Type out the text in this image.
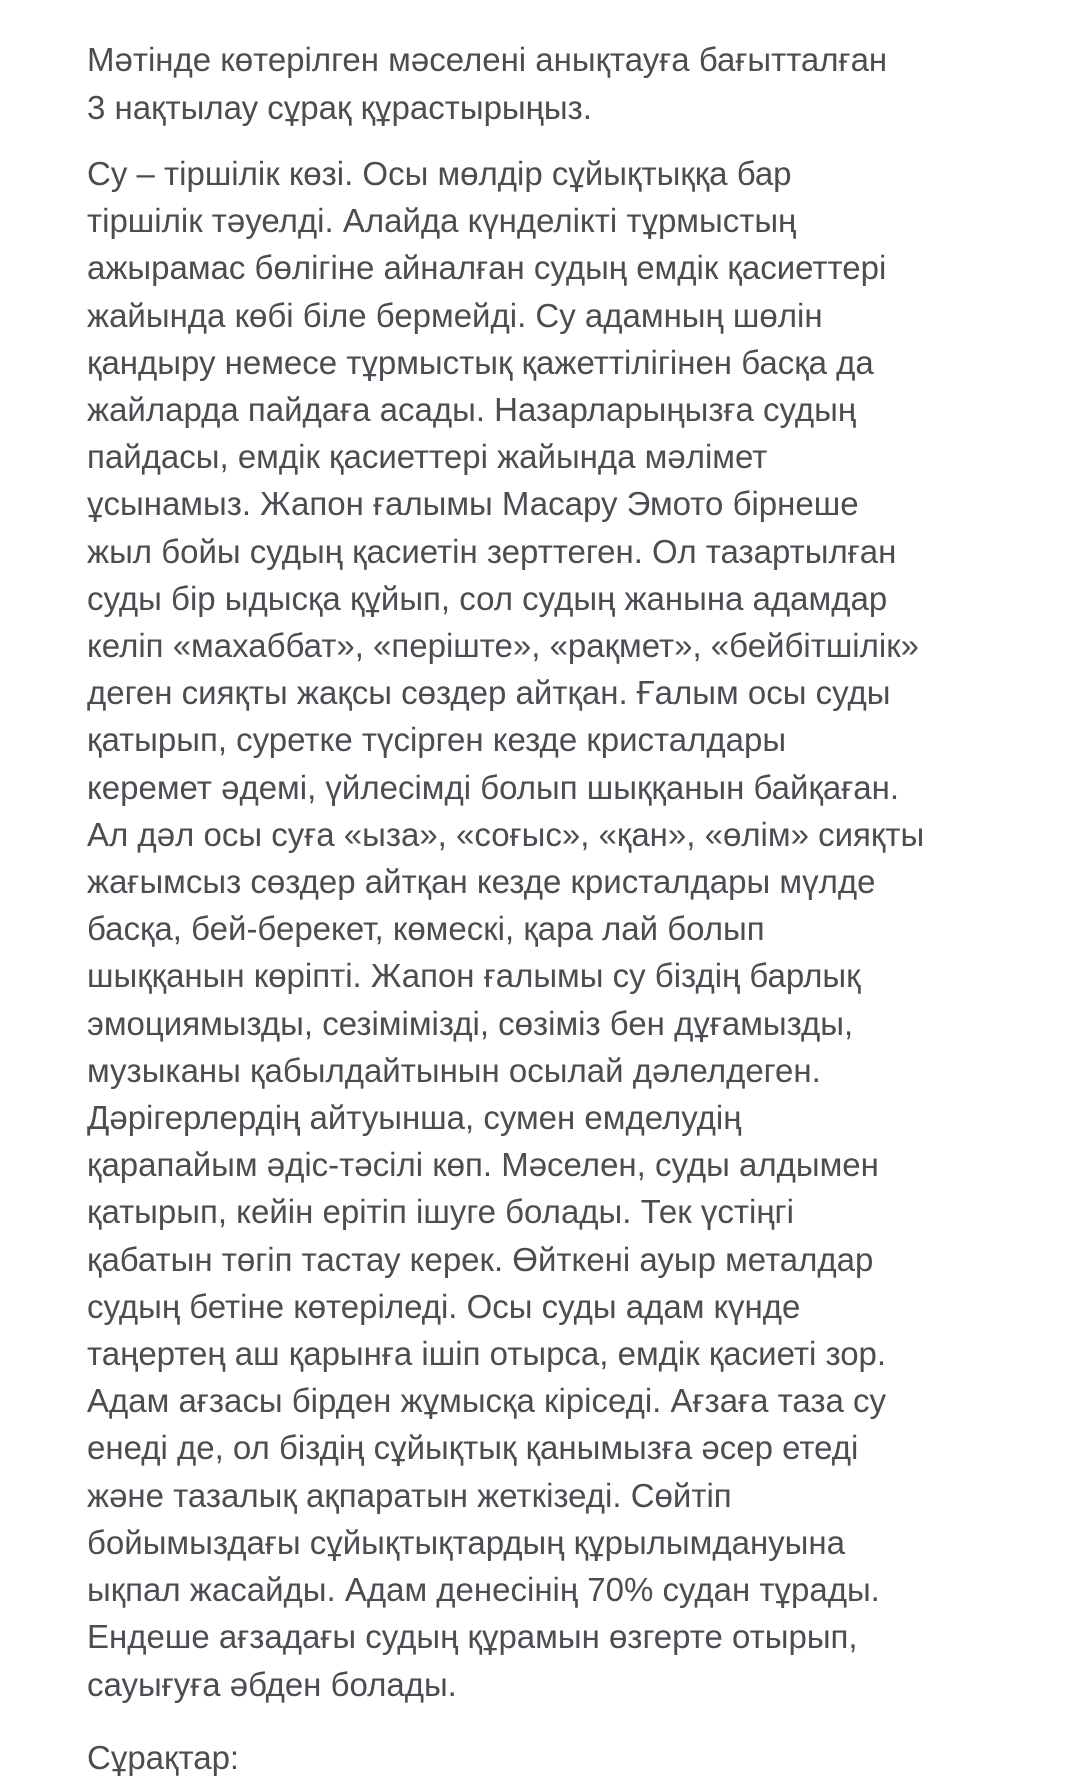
Мәтінде көтерілген мәселені анықтауға бағытталған
3 нақтылау сұрақ құрастырыңыз.
Су – тіршілік көзі. Осы мөлдір сұйықтыққа бар
тіршілік тәуелді. Алайда күнделікті тұрмыстың
ажырамас бөлігіне айналған судың емдік қасиеттері
жайында көбі біле бермейді. Су адамның шөлін
қандыру немесе тұрмыстық қажеттілігінен басқа да
жайларда пайдаға асады. Назарларыңызға судың
пайдасы, емдік қасиеттері жайында мәлімет
ұсынамыз. Жапон ғалымы Масару Эмото бірнеше
жыл бойы судың қасиетін зерттеген. Ол тазартылған
суды бір ыдысқа құйып, сол судың жанына адамдар
келіп «махаббат», «періште», «рақмет», «бейбітшілік»
деген сияқты жақсы сөздер айтқан. Ғалым осы суды
қатырып, суретке түсірген кезде кристалдары
керемет әдемі, үйлесімді болып шыққанын байқаған.
Ал дәл осы суға «ыза», «соғыс», «қан», «өлім» сияқты
жағымсыз сөздер айтқан кезде кристалдары мүлде
басқа, бей-берекет, көмескі, қара лай болып
шыққанын көріпті. Жапон ғалымы су біздің барлық
эмоциямызды, сезімімізді, сөзіміз бен дұғамызды,
музыканы қабылдайтынын осылай дәлелдеген.
Дәрігерлердің айтуынша, сумен емделудің
қарапайым әдіс-тәсілі көп. Мәселен, суды алдымен
қатырып, кейін ерітіп ішуге болады. Тек үстіңгі
қабатын төгіп тастау керек. Өйткені ауыр металдар
судың бетіне көтеріледі. Осы суды адам күнде
таңертең аш қарынға ішіп отырса, емдік қасиеті зор.
Адам ағзасы бірден жұмысқа кіріседі. Ағзаға таза су
енеді де, ол біздің сұйықтық қанымызға әсер етеді
және тазалық ақпаратын жеткізеді. Сөйтіп
бойымыздағы сұйықтықтардың құрылымдануына
ықпал жасайды. Адам денесінің 70% судан тұрады.
Ендеше ағзадағы судың құрамын өзгерте отырып,
сауығуға әбден болады.
Сұрақтар:
